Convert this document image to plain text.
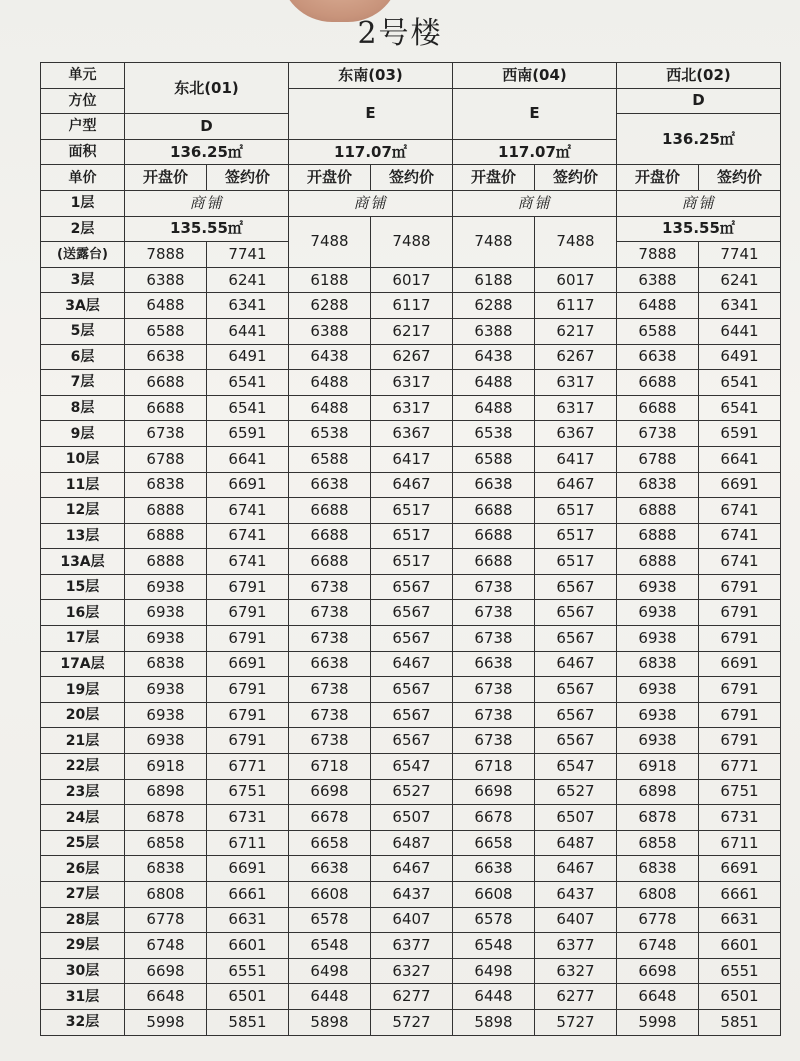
2号楼
单元	东北(01)		东南(03)		西南(04)		西北(02)	
方位			E		E		D	
户型	D						136.25㎡	
面积	136.25㎡		117.07㎡		117.07㎡			
单价	开盘价	签约价	开盘价	签约价	开盘价	签约价	开盘价	签约价
1层	商铺		商铺		商铺		商铺	
2层	135.55㎡		7488	7488	7488	7488	135.55㎡	
(送露台)	7888	7741					7888	7741
3层	6388	6241	6188	6017	6188	6017	6388	6241
3A层	6488	6341	6288	6117	6288	6117	6488	6341
5层	6588	6441	6388	6217	6388	6217	6588	6441
6层	6638	6491	6438	6267	6438	6267	6638	6491
7层	6688	6541	6488	6317	6488	6317	6688	6541
8层	6688	6541	6488	6317	6488	6317	6688	6541
9层	6738	6591	6538	6367	6538	6367	6738	6591
10层	6788	6641	6588	6417	6588	6417	6788	6641
11层	6838	6691	6638	6467	6638	6467	6838	6691
12层	6888	6741	6688	6517	6688	6517	6888	6741
13层	6888	6741	6688	6517	6688	6517	6888	6741
13A层	6888	6741	6688	6517	6688	6517	6888	6741
15层	6938	6791	6738	6567	6738	6567	6938	6791
16层	6938	6791	6738	6567	6738	6567	6938	6791
17层	6938	6791	6738	6567	6738	6567	6938	6791
17A层	6838	6691	6638	6467	6638	6467	6838	6691
19层	6938	6791	6738	6567	6738	6567	6938	6791
20层	6938	6791	6738	6567	6738	6567	6938	6791
21层	6938	6791	6738	6567	6738	6567	6938	6791
22层	6918	6771	6718	6547	6718	6547	6918	6771
23层	6898	6751	6698	6527	6698	6527	6898	6751
24层	6878	6731	6678	6507	6678	6507	6878	6731
25层	6858	6711	6658	6487	6658	6487	6858	6711
26层	6838	6691	6638	6467	6638	6467	6838	6691
27层	6808	6661	6608	6437	6608	6437	6808	6661
28层	6778	6631	6578	6407	6578	6407	6778	6631
29层	6748	6601	6548	6377	6548	6377	6748	6601
30层	6698	6551	6498	6327	6498	6327	6698	6551
31层	6648	6501	6448	6277	6448	6277	6648	6501
32层	5998	5851	5898	5727	5898	5727	5998	5851
